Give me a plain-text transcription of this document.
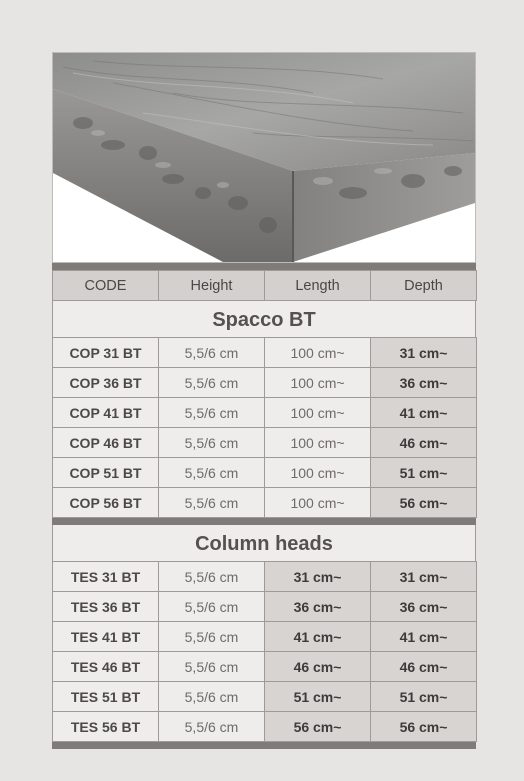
CODE	Height	Length	Depth
Spacco BT
COP 31 BT	5,5/6 cm	100 cm~	31 cm~
COP 36 BT	5,5/6 cm	100 cm~	36 cm~
COP 41 BT	5,5/6 cm	100 cm~	41 cm~
COP 46 BT	5,5/6 cm	100 cm~	46 cm~
COP 51 BT	5,5/6 cm	100 cm~	51 cm~
COP 56 BT	5,5/6 cm	100 cm~	56 cm~
Column heads
TES 31 BT	5,5/6 cm	31 cm~	31 cm~
TES 36 BT	5,5/6 cm	36 cm~	36 cm~
TES 41 BT	5,5/6 cm	41 cm~	41 cm~
TES 46 BT	5,5/6 cm	46 cm~	46 cm~
TES 51 BT	5,5/6 cm	51 cm~	51 cm~
TES 56 BT	5,5/6 cm	56 cm~	56 cm~
